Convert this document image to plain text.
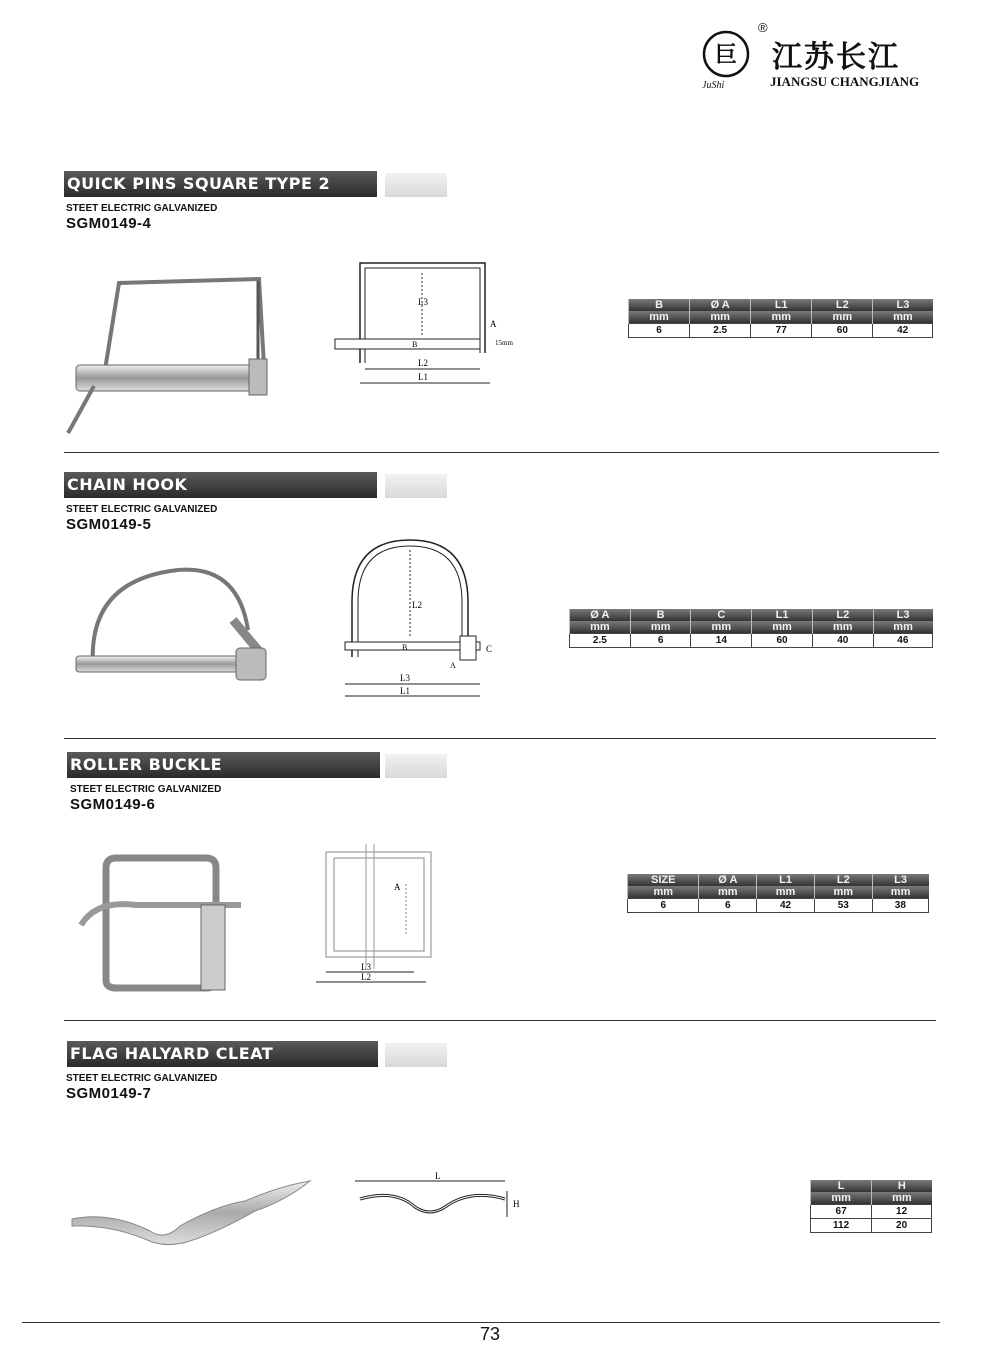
巨
JuShi
®
江苏长江
JIANGSU CHANGJIANG
QUICK PINS SQUARE TYPE 2
STEET ELECTRIC GALVANIZED
SGM0149-4
L3
A
B	15mm
L2
L1
B	Ø A	L1	L2	L3
mm	mm	mm	mm	mm
6	2.5	77	60	42
CHAIN HOOK
STEET ELECTRIC GALVANIZED
SGM0149-5
L2
B
A
C
L3
L1
Ø A	B	C	L1	L2	L3
mm	mm	mm	mm	mm	mm
2.5	6	14	60	40	46
ROLLER BUCKLE
STEET ELECTRIC GALVANIZED
SGM0149-6
A
L3
L2
SIZE	Ø A	L1	L2	L3
mm	mm	mm	mm	mm
6	6	42	53	38
FLAG HALYARD CLEAT
STEET ELECTRIC GALVANIZED
SGM0149-7
L
H
L	H
mm	mm
67	12
112	20
73
